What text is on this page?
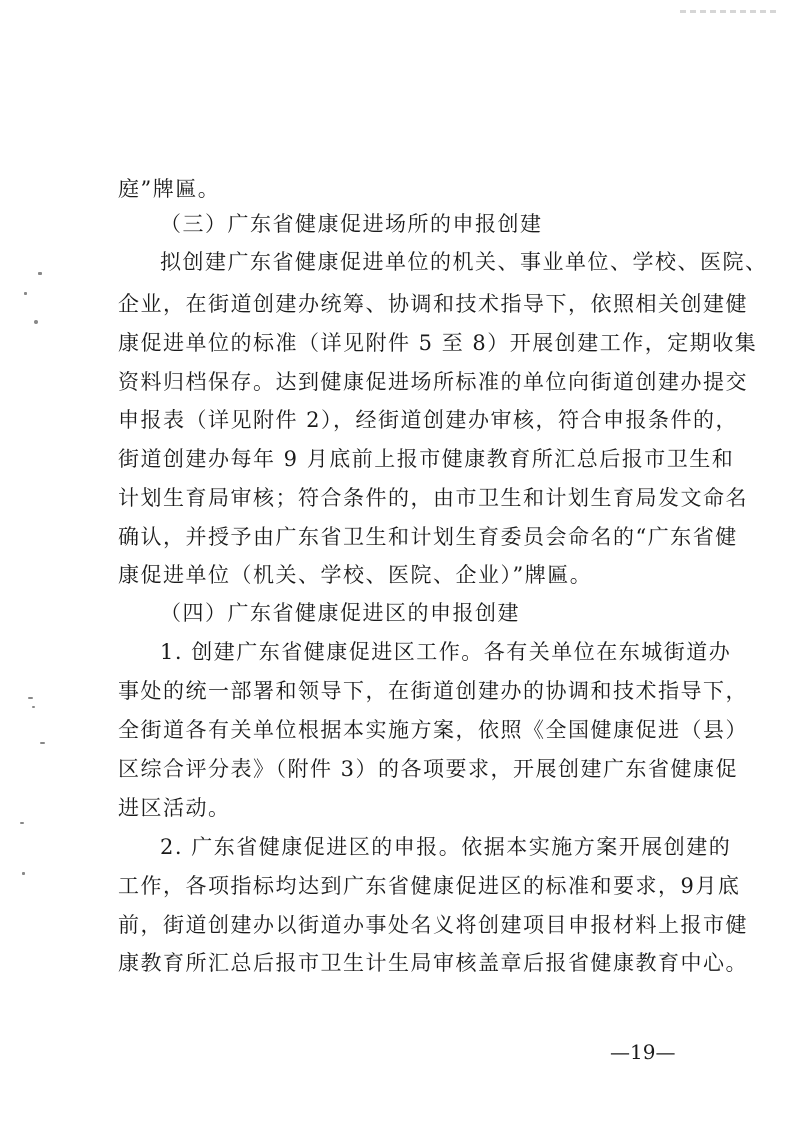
庭”牌匾。
（三）广东省健康促进场所的申报创建
拟创建广东省健康促进单位的机关、事业单位、学校、医院、
企业，在街道创建办统筹、协调和技术指导下，依照相关创建健
康促进单位的标准（详见附件 5 至 8）开展创建工作，定期收集
资料归档保存。达到健康促进场所标准的单位向街道创建办提交
申报表（详见附件 2），经街道创建办审核，符合申报条件的，
街道创建办每年 9 月底前上报市健康教育所汇总后报市卫生和
计划生育局审核；符合条件的，由市卫生和计划生育局发文命名
确认，并授予由广东省卫生和计划生育委员会命名的“广东省健
康促进单位（机关、学校、医院、企业）”牌匾。
（四）广东省健康促进区的申报创建
1. 创建广东省健康促进区工作。各有关单位在东城街道办
事处的统一部署和领导下，在街道创建办的协调和技术指导下，
全街道各有关单位根据本实施方案，依照《全国健康促进（县）
区综合评分表》（附件 3）的各项要求，开展创建广东省健康促
进区活动。
2. 广东省健康促进区的申报。依据本实施方案开展创建的
工作，各项指标均达到广东省健康促进区的标准和要求，9月底
前，街道创建办以街道办事处名义将创建项目申报材料上报市健
康教育所汇总后报市卫生计生局审核盖章后报省健康教育中心。
—19—
